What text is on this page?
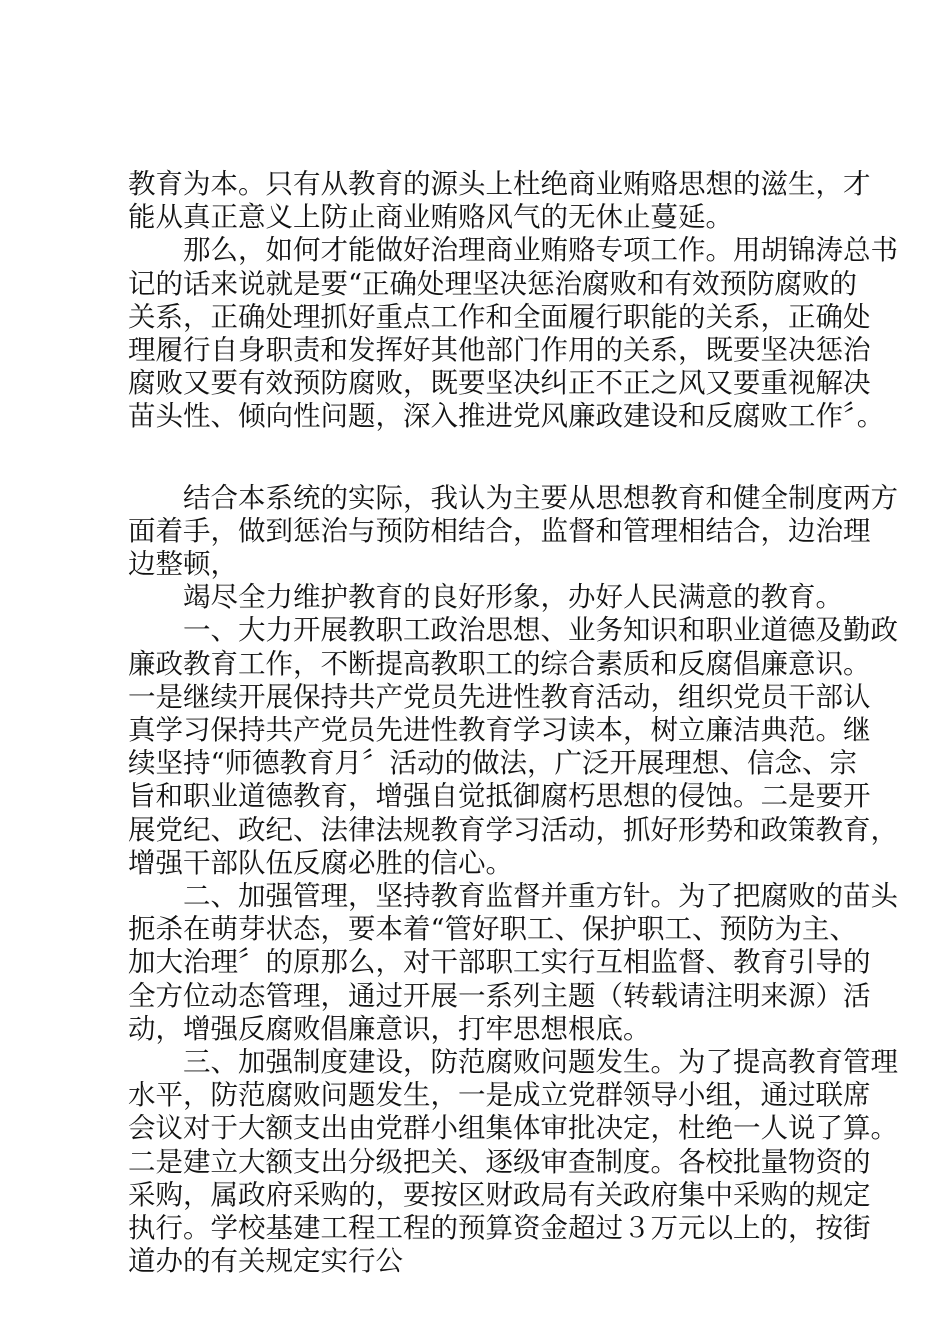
教育为本。只有从教育的源头上杜绝商业贿赂思想的滋生，才

能从真正意义上防止商业贿赂风气的无休止蔓延。

　　那么，如何才能做好治理商业贿赂专项工作。用胡锦涛总书

记的话来说就是要“正确处理坚决惩治腐败和有效预防腐败的

关系，正确处理抓好重点工作和全面履行职能的关系，正确处

理履行自身职责和发挥好其他部门作用的关系，既要坚决惩治

腐败又要有效预防腐败，既要坚决纠正不正之风又要重视解决

苗头性、倾向性问题，深入推进党风廉政建设和反腐败工作〞。

　　结合本系统的实际，我认为主要从思想教育和健全制度两方

面着手，做到惩治与预防相结合，监督和管理相结合，边治理

边整顿，

　　竭尽全力维护教育的良好形象，办好人民满意的教育。

　　一、大力开展教职工政治思想、业务知识和职业道德及勤政

廉政教育工作，不断提高教职工的综合素质和反腐倡廉意识。

一是继续开展保持共产党员先进性教育活动，组织党员干部认

真学习保持共产党员先进性教育学习读本，树立廉洁典范。继

续坚持“师德教育月〞活动的做法，广泛开展理想、信念、宗

旨和职业道德教育，增强自觉抵御腐朽思想的侵蚀。二是要开

展党纪、政纪、法律法规教育学习活动，抓好形势和政策教育，

增强干部队伍反腐必胜的信心。

　　二、加强管理，坚持教育监督并重方针。为了把腐败的苗头

扼杀在萌芽状态，要本着“管好职工、保护职工、预防为主、

加大治理〞的原那么，对干部职工实行互相监督、教育引导的

全方位动态管理，通过开展一系列主题（转载请注明来源）活

动，增强反腐败倡廉意识，打牢思想根底。

　　三、加强制度建设，防范腐败问题发生。为了提高教育管理

水平，防范腐败问题发生，一是成立党群领导小组，通过联席

会议对于大额支出由党群小组集体审批决定，杜绝一人说了算。

二是建立大额支出分级把关、逐级审查制度。各校批量物资的

采购，属政府采购的，要按区财政局有关政府集中采购的规定

执行。学校基建工程工程的预算资金超过３万元以上的，按街

道办的有关规定实行公
